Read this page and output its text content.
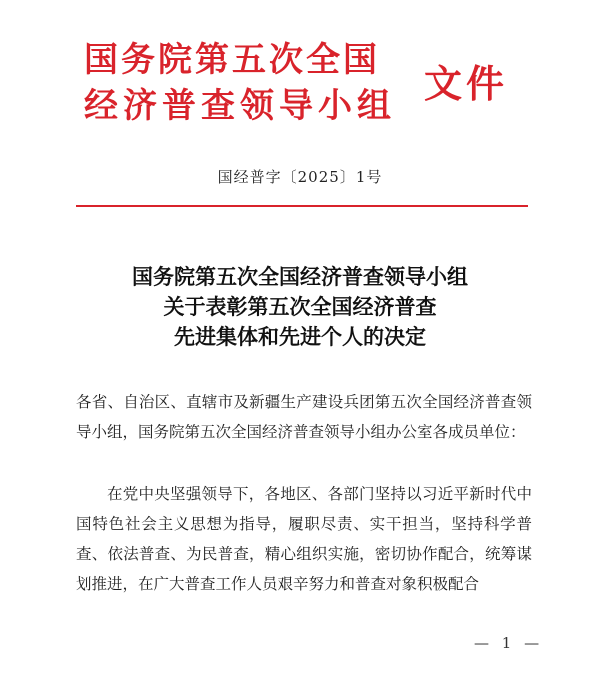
国务院第五次全国
经济普查领导小组 文件
国经普字〔2025〕1号
国务院第五次全国经济普查领导小组
关于表彰第五次全国经济普查
先进集体和先进个人的决定
各省、自治区、直辖市及新疆生产建设兵团第五次全国经济普查领导小组，国务院第五次全国经济普查领导小组办公室各成员单位：
在党中央坚强领导下，各地区、各部门坚持以习近平新时代中国特色社会主义思想为指导，履职尽责、实干担当，坚持科学普查、依法普查、为民普查，精心组织实施，密切协作配合，统筹谋划推进，在广大普查工作人员艰辛努力和普查对象积极配合
— 1 —
